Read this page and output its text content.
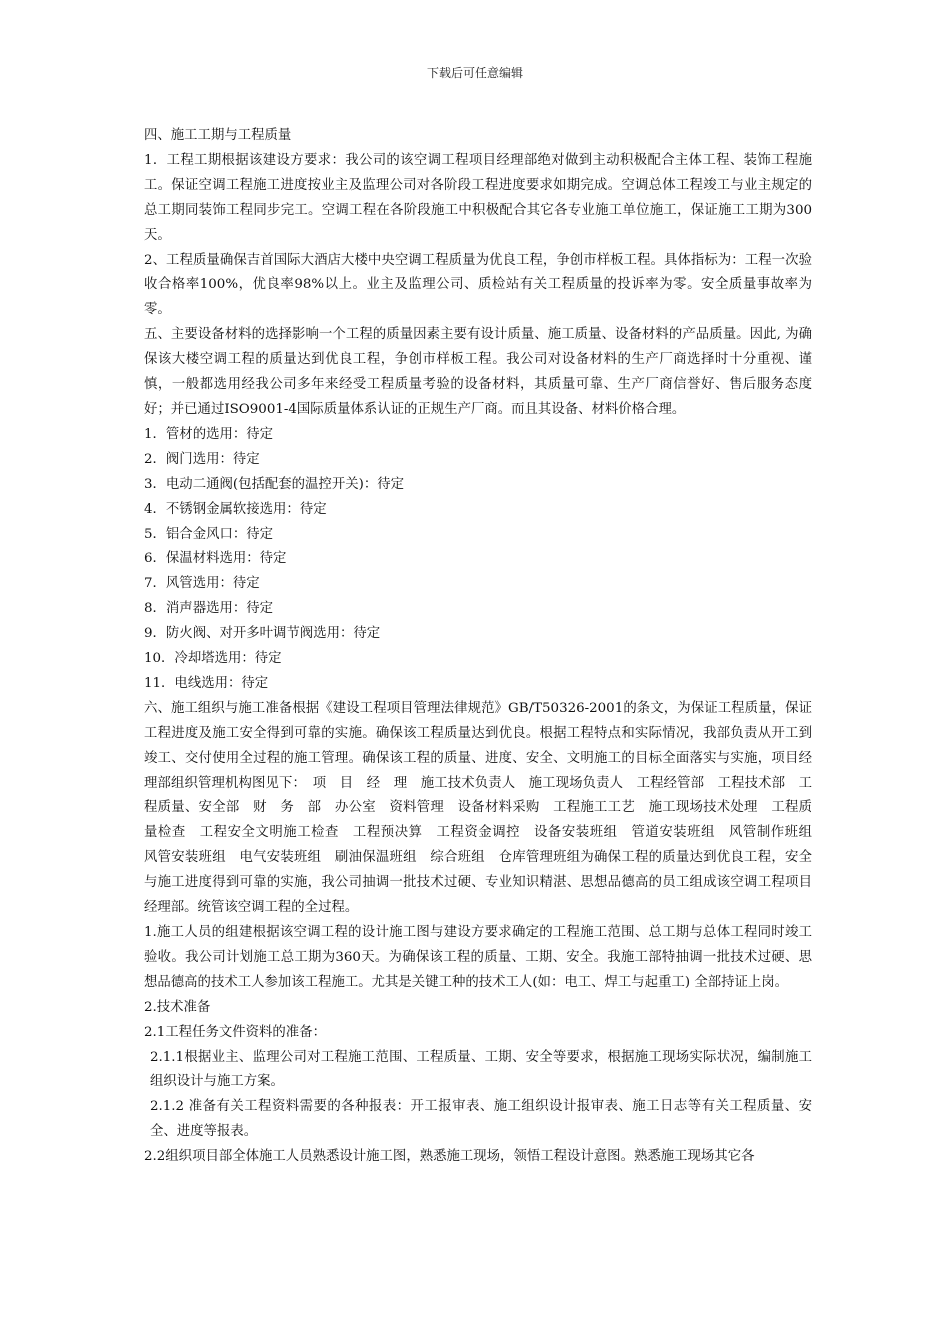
下载后可任意编辑

四、施工工期与工程质量

1．工程工期根据该建设方要求：我公司的该空调工程项目经理部绝对做到主动积极配合主体工程、装饰工程施工。保证空调工程施工进度按业主及监理公司对各阶段工程进度要求如期完成。空调总体工程竣工与业主规定的总工期同装饰工程同步完工。空调工程在各阶段施工中积极配合其它各专业施工单位施工，保证施工工期为300天。

2、工程质量确保吉首国际大酒店大楼中央空调工程质量为优良工程，争创市样板工程。具体指标为：工程一次验收合格率100%，优良率98%以上。业主及监理公司、质检站有关工程质量的投诉率为零。安全质量事故率为零。

五、主要设备材料的选择影响一个工程的质量因素主要有设计质量、施工质量、设备材料的产品质量。因此, 为确保该大楼空调工程的质量达到优良工程，争创市样板工程。我公司对设备材料的生产厂商选择时十分重视、谨慎，一般都选用经我公司多年来经受工程质量考验的设备材料，其质量可靠、生产厂商信誉好、售后服务态度好；并已通过ISO9001-4国际质量体系认证的正规生产厂商。而且其设备、材料价格合理。

1．管材的选用：待定

2．阀门选用：待定

3．电动二通阀(包括配套的温控开关)：待定

4．不锈钢金属软接选用：待定

5．铝合金风口：待定

6．保温材料选用：待定

7．风管选用：待定

8．消声器选用：待定

9．防火阀、对开多叶调节阀选用：待定

10．冷却塔选用：待定

11．电线选用：待定

六、施工组织与施工准备根据《建设工程项目管理法律规范》GB/T50326-2001的条文，为保证工程质量，保证工程进度及施工安全得到可靠的实施。确保该工程质量达到优良。根据工程特点和实际情况，我部负责从开工到竣工、交付使用全过程的施工管理。确保该工程的质量、进度、安全、文明施工的目标全面落实与实施，项目经理部组织管理机构图见下：　项　目　经　理　施工技术负责人　施工现场负责人　工程经管部　工程技术部　工程质量、安全部　财　务　部　办公室　资料管理　设备材料采购　工程施工工艺　施工现场技术处理　工程质量检查　工程安全文明施工检查　工程预决算　工程资金调控　设备安装班组　管道安装班组　风管制作班组　风管安装班组　电气安装班组　刷油保温班组　综合班组　仓库管理班组为确保工程的质量达到优良工程，安全与施工进度得到可靠的实施，我公司抽调一批技术过硬、专业知识精湛、思想品德高的员工组成该空调工程项目经理部。统管该空调工程的全过程。

1.施工人员的组建根据该空调工程的设计施工图与建设方要求确定的工程施工范围、总工期与总体工程同时竣工验收。我公司计划施工总工期为360天。为确保该工程的质量、工期、安全。我施工部特抽调一批技术过硬、思想品德高的技术工人参加该工程施工。尤其是关键工种的技术工人(如：电工、焊工与起重工) 全部持证上岗。

2.技术准备

2.1工程任务文件资料的准备：

2.1.1根据业主、监理公司对工程施工范围、工程质量、工期、安全等要求，根据施工现场实际状况，编制施工组织设计与施工方案。

2.1.2 准备有关工程资料需要的各种报表：开工报审表、施工组织设计报审表、施工日志等有关工程质量、安全、进度等报表。

2.2组织项目部全体施工人员熟悉设计施工图，熟悉施工现场，领悟工程设计意图。熟悉施工现场其它各
